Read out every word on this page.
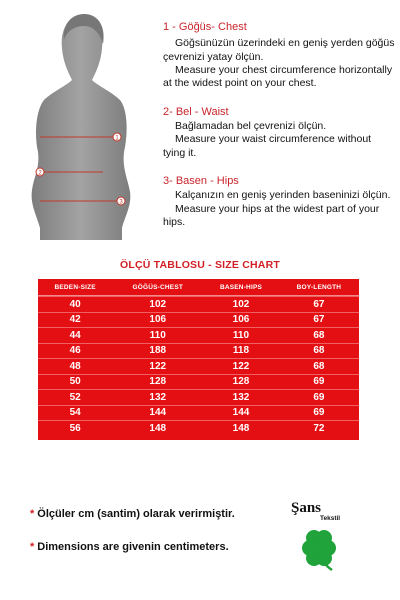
1
2
3
1 - Göğüs- Chest

Göğsünüzün üzerindeki en geniş yerden göğüs çevrenizi yatay ölçün.

Measure your chest circumference horizontally at the widest point on your chest.

2- Bel - Waist

Bağlamadan bel çevrenizi ölçün.

Measure your waist circumference without tying it.

3- Basen - Hips

Kalçanızın en geniş yerinden baseninizi ölçün.

Measure your hips at the widest part of your hips.

ÖLÇÜ TABLOSU - SIZE CHART
BEDEN-SIZE	GÖĞÜS-CHEST	BASEN-HIPS	BOY-LENGTH
40	102	102	67
42	106	106	67
44	110	110	68
46	188	118	68
48	122	122	68
50	128	128	69
52	132	132	69
54	144	144	69
56	148	148	72
* Ölçüler cm (santim) olarak verirmiştir.
* Dimensions are givenin centimeters.
Şans
Tekstil
